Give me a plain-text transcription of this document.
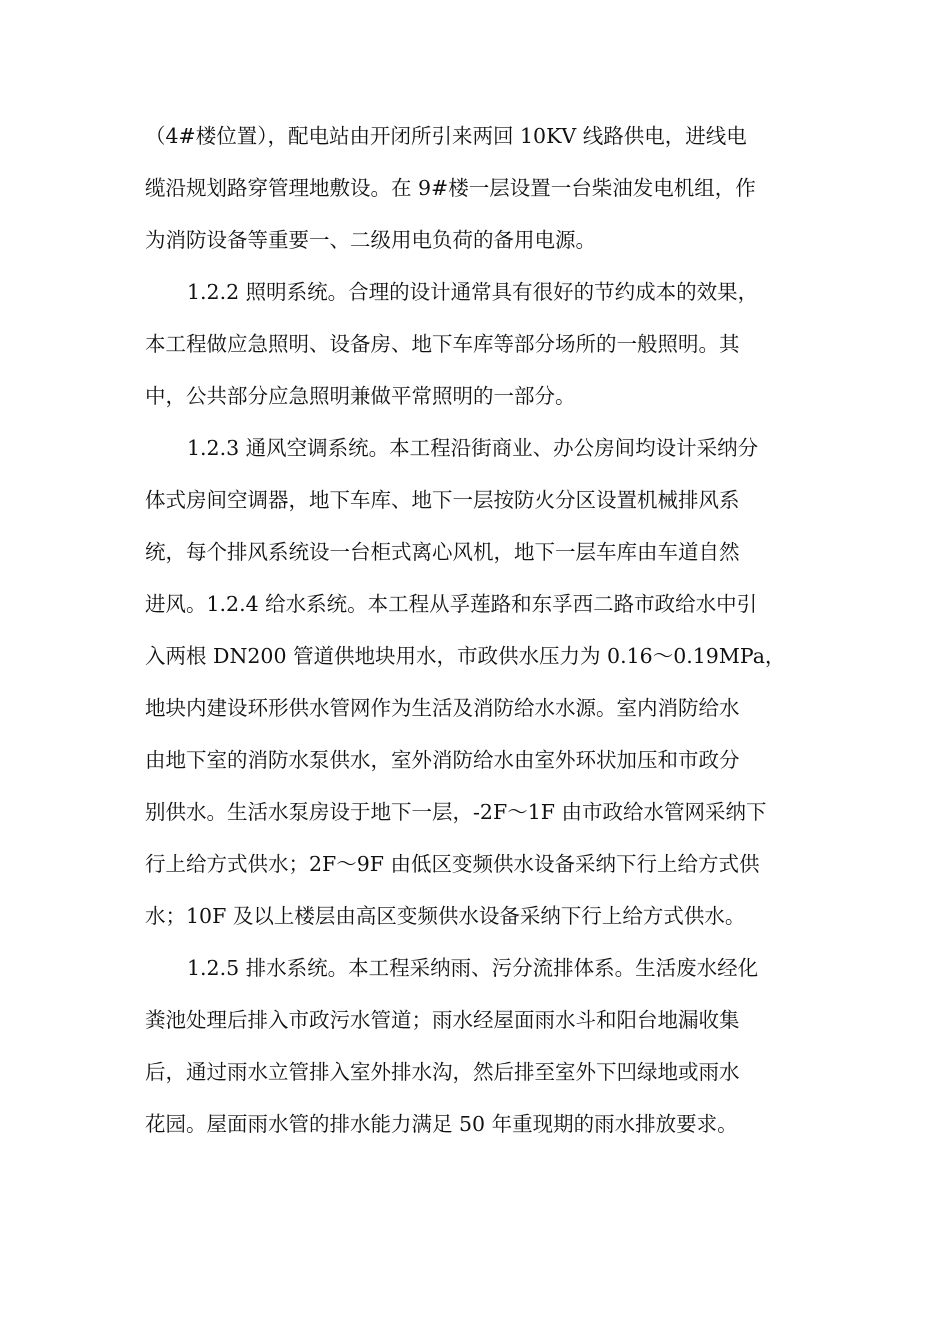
（4#楼位置），配电站由开闭所引来两回 10KV 线路供电，进线电
缆沿规划路穿管理地敷设。在 9#楼一层设置一台柴油发电机组，作
为消防设备等重要一、二级用电负荷的备用电源。
1.2.2 照明系统。合理的设计通常具有很好的节约成本的效果，
本工程做应急照明、设备房、地下车库等部分场所的一般照明。其
中，公共部分应急照明兼做平常照明的一部分。
1.2.3 通风空调系统。本工程沿街商业、办公房间均设计采纳分
体式房间空调器，地下车库、地下一层按防火分区设置机械排风系
统，每个排风系统设一台柜式离心风机，地下一层车库由车道自然
进风。1.2.4 给水系统。本工程从孚莲路和东孚西二路市政给水中引
入两根 DN200 管道供地块用水，市政供水压力为 0.16～0.19MPa，
地块内建设环形供水管网作为生活及消防给水水源。室内消防给水
由地下室的消防水泵供水，室外消防给水由室外环状加压和市政分
别供水。生活水泵房设于地下一层，-2F～1F 由市政给水管网采纳下
行上给方式供水；2F～9F 由低区变频供水设备采纳下行上给方式供
水；10F 及以上楼层由高区变频供水设备采纳下行上给方式供水。
1.2.5 排水系统。本工程采纳雨、污分流排体系。生活废水经化
粪池处理后排入市政污水管道；雨水经屋面雨水斗和阳台地漏收集
后，通过雨水立管排入室外排水沟，然后排至室外下凹绿地或雨水
花园。屋面雨水管的排水能力满足 50 年重现期的雨水排放要求。
